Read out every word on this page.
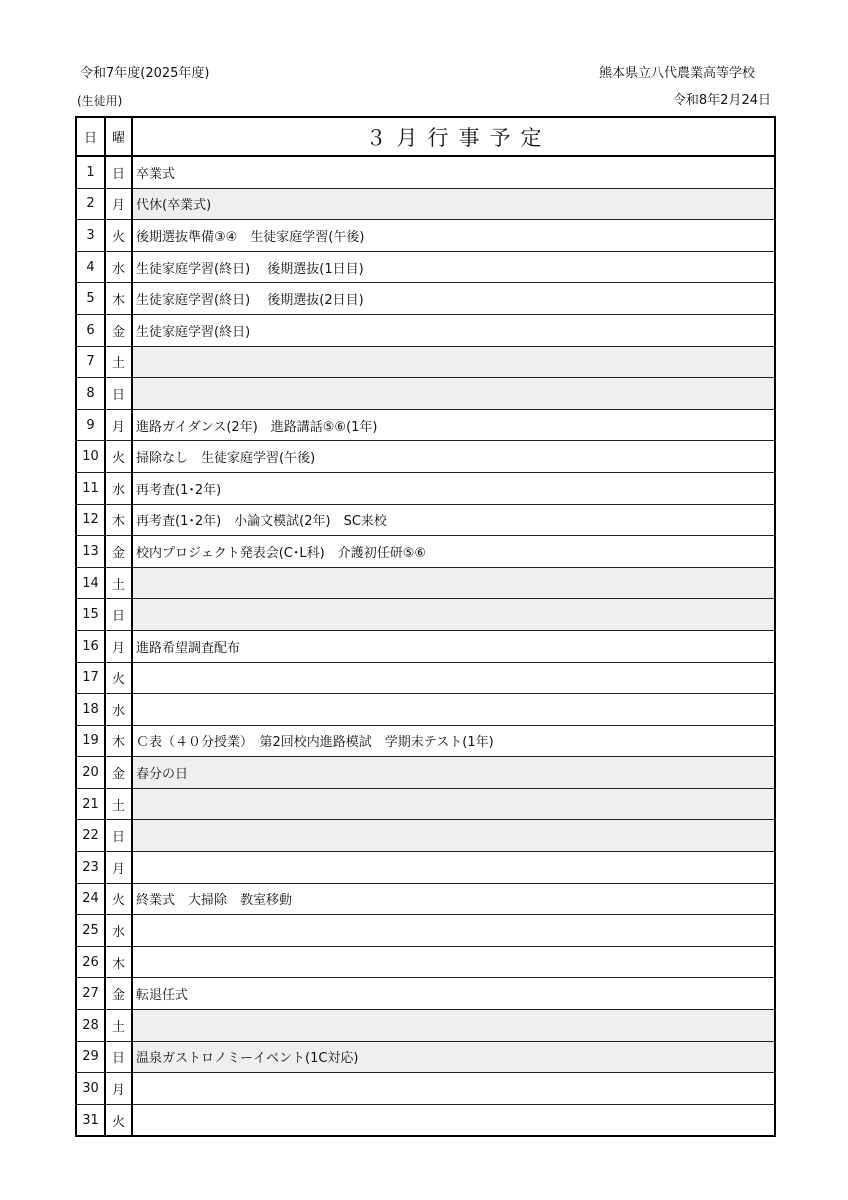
令和7年度(2025年度)
(生徒用)
熊本県立八代農業高等学校
令和8年2月24日
日	曜	３月行事予定
1	日	卒業式
2	月	代休(卒業式)
3	火	後期選抜準備③④　生徒家庭学習(午後)
4	水	生徒家庭学習(終日)　 後期選抜(1日目)
5	木	生徒家庭学習(終日)　 後期選抜(2日目)
6	金	生徒家庭学習(終日)
7	土	
8	日	
9	月	進路ガイダンス(2年)　進路講話⑤⑥(1年)
10	火	掃除なし　生徒家庭学習(午後)
11	水	再考査(1･2年)
12	木	再考査(1･2年)　小論文模試(2年)　SC来校
13	金	校内プロジェクト発表会(C･L科)　介護初任研⑤⑥
14	土	
15	日	
16	月	進路希望調査配布
17	火	
18	水	
19	木	Ｃ表（４０分授業）　第2回校内進路模試　学期末テスト(1年)
20	金	春分の日
21	土	
22	日	
23	月	
24	火	終業式　大掃除　教室移動
25	水	
26	木	
27	金	転退任式
28	土	
29	日	温泉ガストロノミーイベント(1C対応)
30	月	
31	火	
